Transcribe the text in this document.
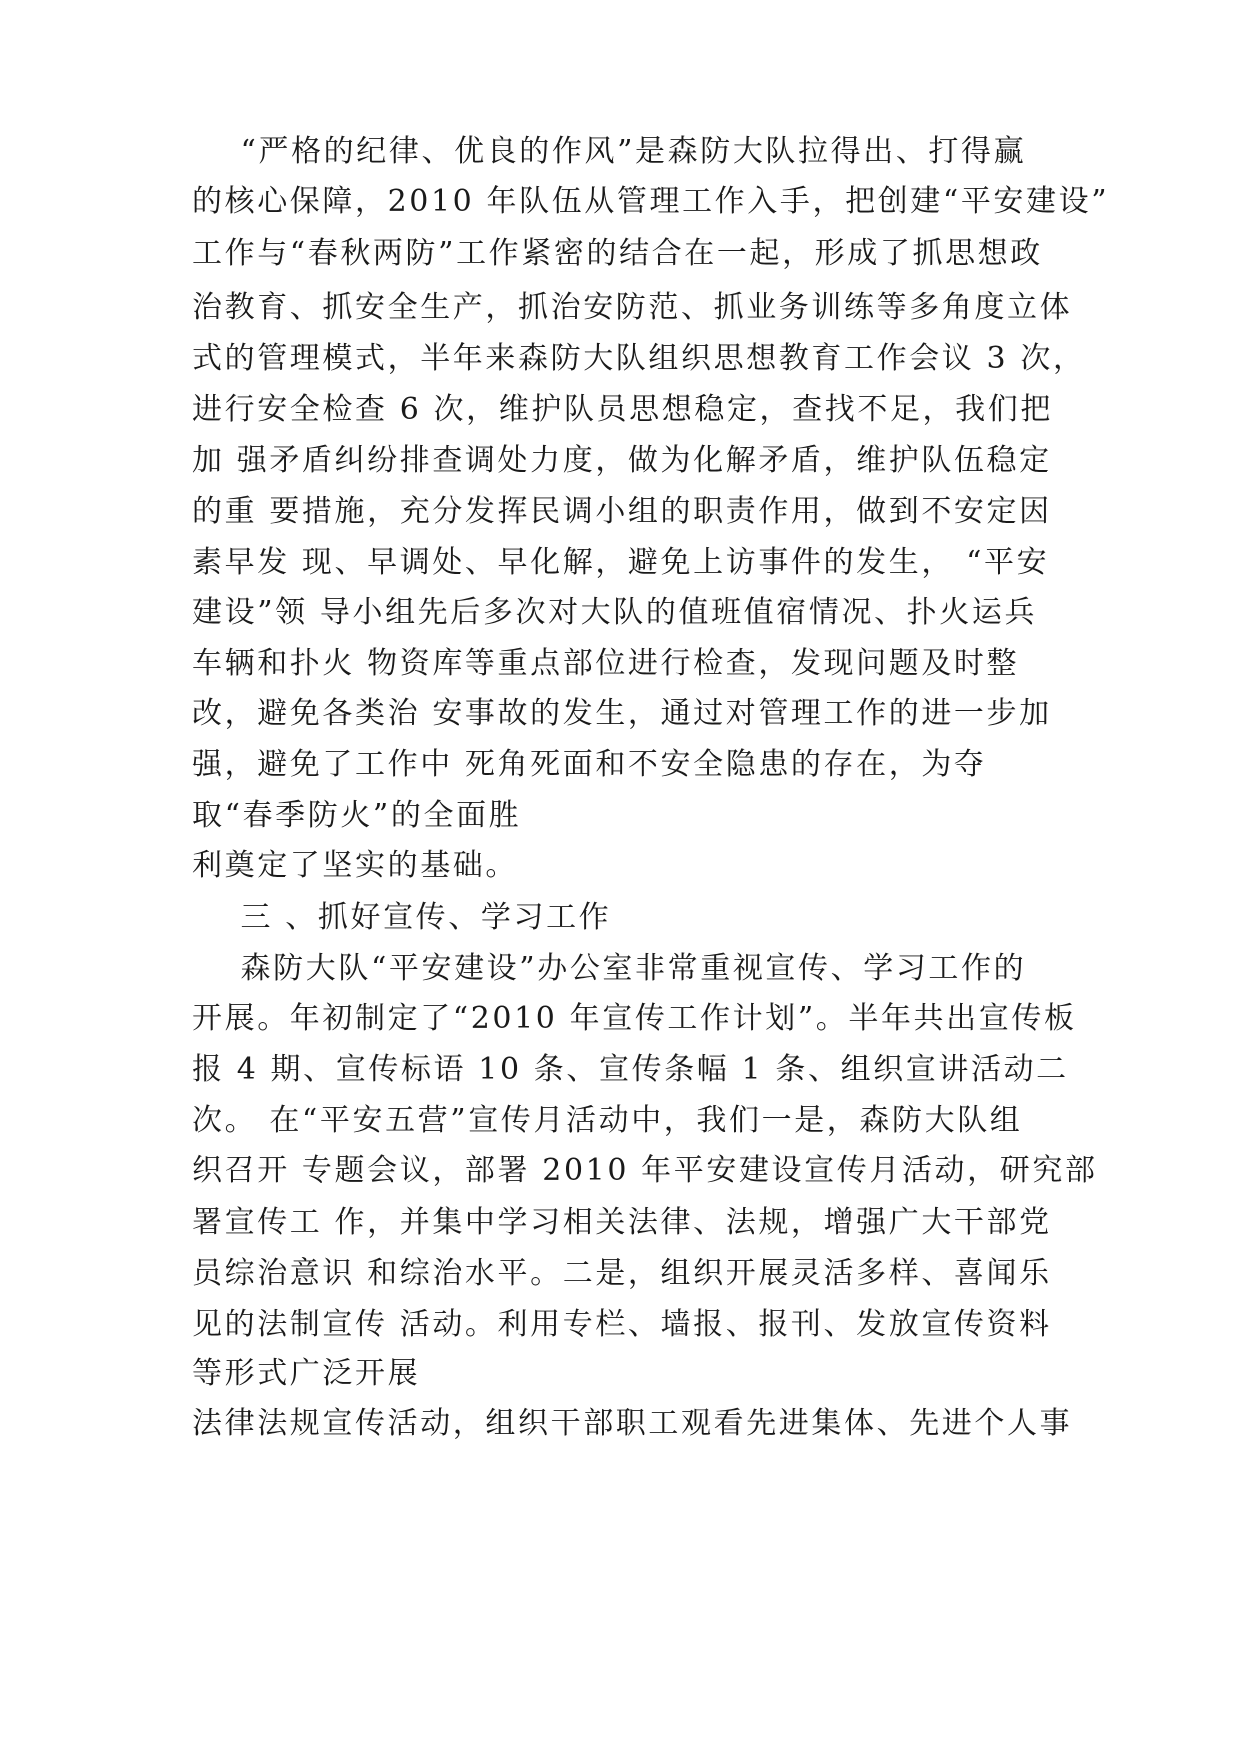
“严格的纪律、优良的作风”是森防大队拉得出、打得赢
的核心保障，2010 年队伍从管理工作入手，把创建“平安建设”
工作与“春秋两防”工作紧密的结合在一起，形成了抓思想政
治教育、抓安全生产，抓治安防范、抓业务训练等多角度立体
式的管理模式，半年来森防大队组织思想教育工作会议 3 次，
进行安全检查 6 次，维护队员思想稳定，查找不足，我们把
加 强矛盾纠纷排查调处力度，做为化解矛盾，维护队伍稳定
的重 要措施，充分发挥民调小组的职责作用，做到不安定因
素早发 现、早调处、早化解，避免上访事件的发生， “平安
建设”领 导小组先后多次对大队的值班值宿情况、扑火运兵
车辆和扑火 物资库等重点部位进行检查，发现问题及时整
改，避免各类治 安事故的发生，通过对管理工作的进一步加
强，避免了工作中 死角死面和不安全隐患的存在，为夺
取“春季防火”的全面胜
利奠定了坚实的基础。
三 、抓好宣传、学习工作
森防大队“平安建设”办公室非常重视宣传、学习工作的
开展。年初制定了“2010 年宣传工作计划”。半年共出宣传板
报 4 期、宣传标语 10 条、宣传条幅 1 条、组织宣讲活动二
次。 在“平安五营”宣传月活动中，我们一是，森防大队组
织召开 专题会议，部署 2010 年平安建设宣传月活动，研究部
署宣传工 作，并集中学习相关法律、法规，增强广大干部党
员综治意识 和综治水平。二是，组织开展灵活多样、喜闻乐
见的法制宣传 活动。利用专栏、墙报、报刊、发放宣传资料
等形式广泛开展
法律法规宣传活动，组织干部职工观看先进集体、先进个人事
